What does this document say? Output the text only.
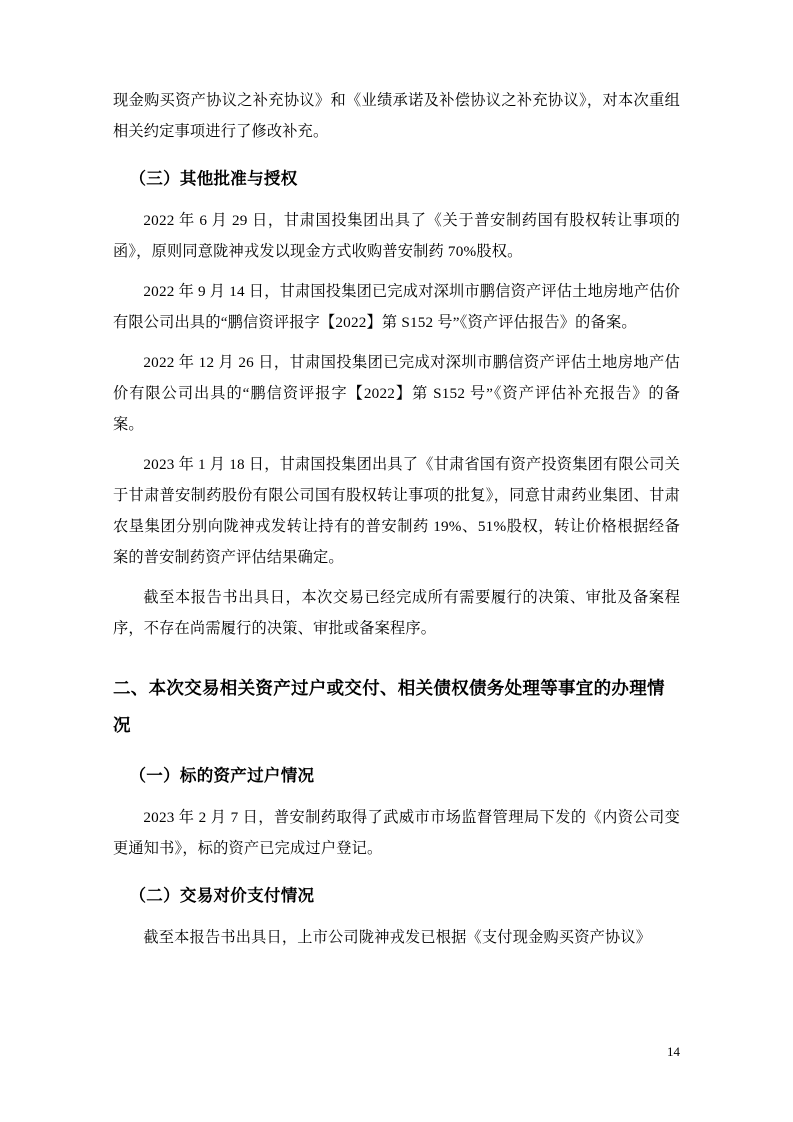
现金购买资产协议之补充协议》和《业绩承诺及补偿协议之补充协议》，对本次重组相关约定事项进行了修改补充。

（三）其他批准与授权

2022 年 6 月 29 日，甘肃国投集团出具了《关于普安制药国有股权转让事项的函》，原则同意陇神戎发以现金方式收购普安制药 70%股权。

2022 年 9 月 14 日，甘肃国投集团已完成对深圳市鹏信资产评估土地房地产估价有限公司出具的“鹏信资评报字【2022】第 S152 号”《资产评估报告》的备案。

2022 年 12 月 26 日，甘肃国投集团已完成对深圳市鹏信资产评估土地房地产估价有限公司出具的“鹏信资评报字【2022】第 S152 号”《资产评估补充报告》的备案。

2023 年 1 月 18 日，甘肃国投集团出具了《甘肃省国有资产投资集团有限公司关于甘肃普安制药股份有限公司国有股权转让事项的批复》，同意甘肃药业集团、甘肃农垦集团分别向陇神戎发转让持有的普安制药 19%、51%股权，转让价格根据经备案的普安制药资产评估结果确定。

截至本报告书出具日，本次交易已经完成所有需要履行的决策、审批及备案程序，不存在尚需履行的决策、审批或备案程序。

二、本次交易相关资产过户或交付、相关债权债务处理等事宜的办理情况
（一）标的资产过户情况

2023 年 2 月 7 日，普安制药取得了武威市市场监督管理局下发的《内资公司变更通知书》，标的资产已完成过户登记。

（二）交易对价支付情况

截至本报告书出具日，上市公司陇神戎发已根据《支付现金购买资产协议》

14
